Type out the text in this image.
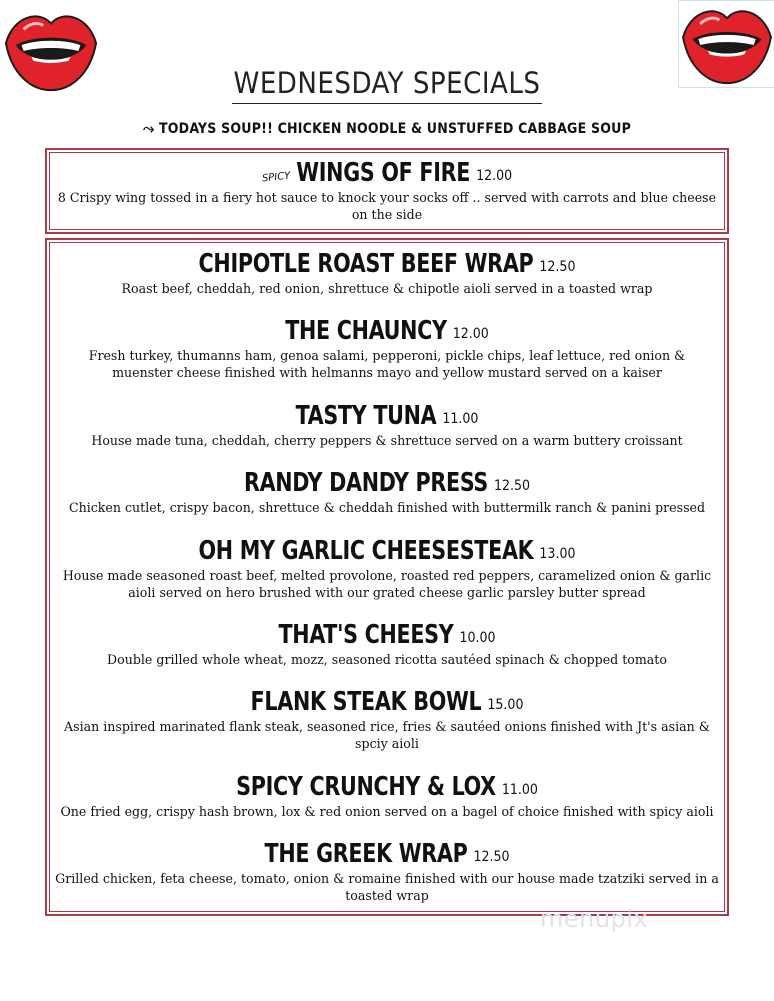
WEDNESDAY SPECIALS
⤳ TODAYS SOUP!! CHICKEN NOODLE & UNSTUFFED CABBAGE SOUP
SPICY WINGS OF FIRE 12.00
8 Crispy wing tossed in a fiery hot sauce to knock your socks off .. served with carrots and blue cheese on the side
CHIPOTLE ROAST BEEF WRAP 12.50
Roast beef, cheddah, red onion, shrettuce & chipotle aioli served in a toasted wrap
THE CHAUNCY 12.00
Fresh turkey, thumanns ham, genoa salami, pepperoni, pickle chips, leaf lettuce, red onion & muenster cheese finished with helmanns mayo and yellow mustard served on a kaiser
TASTY TUNA 11.00
House made tuna, cheddah, cherry peppers & shrettuce served on a warm buttery croissant
RANDY DANDY PRESS 12.50
Chicken cutlet, crispy bacon, shrettuce & cheddah finished with buttermilk ranch & panini pressed
OH MY GARLIC CHEESESTEAK 13.00
House made seasoned roast beef, melted provolone, roasted red peppers, caramelized onion & garlic aioli served on hero brushed with our grated cheese garlic parsley butter spread
THAT'S CHEESY 10.00
Double grilled whole wheat, mozz, seasoned ricotta sautéed spinach & chopped tomato
FLANK STEAK BOWL 15.00
Asian inspired marinated flank steak, seasoned rice, fries & sautéed onions finished with Jt's asian & spciy aioli
SPICY CRUNCHY & LOX 11.00
One fried egg, crispy hash brown, lox & red onion served on a bagel of choice finished with spicy aioli
THE GREEK WRAP 12.50
Grilled chicken, feta cheese, tomato, onion & romaine finished with our house made tzatziki served in a toasted wrap
menupix
